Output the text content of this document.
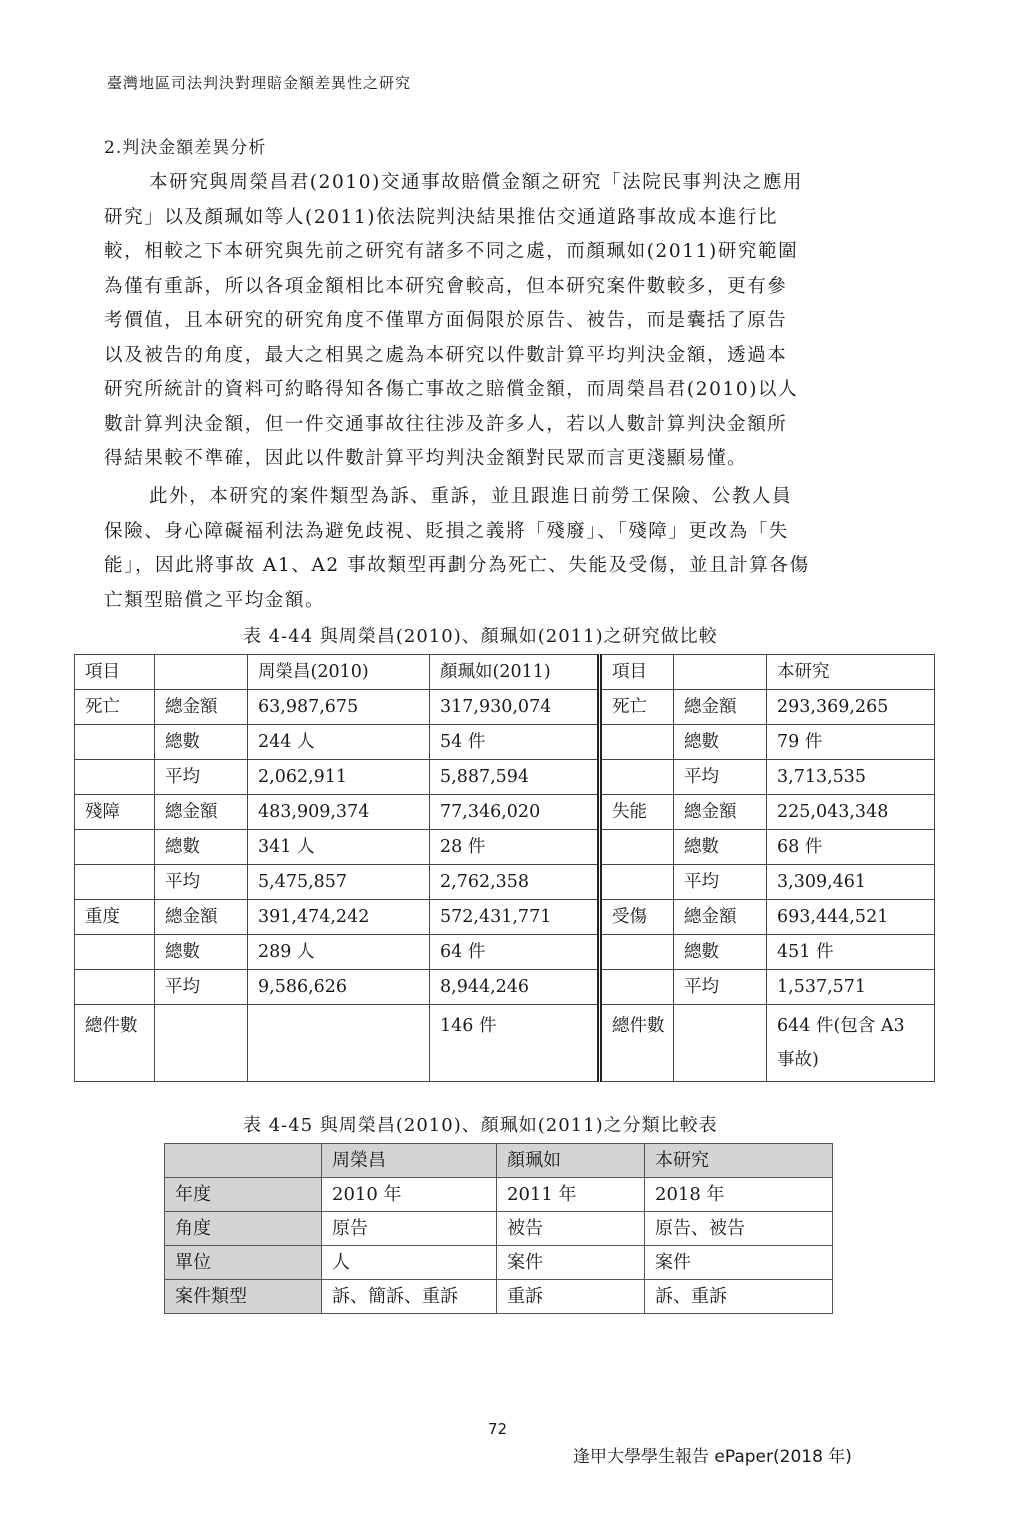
臺灣地區司法判決對理賠金額差異性之研究
2.判決金額差異分析
本研究與周榮昌君(2010)交通事故賠償金額之研究「法院民事判決之應用
研究」以及顏珮如等人(2011)依法院判決結果推估交通道路事故成本進行比
較，相較之下本研究與先前之研究有諸多不同之處，而顏珮如(2011)研究範圍
為僅有重訴，所以各項金額相比本研究會較高，但本研究案件數較多，更有參
考價值，且本研究的研究角度不僅單方面侷限於原告、被告，而是囊括了原告
以及被告的角度，最大之相異之處為本研究以件數計算平均判決金額，透過本
研究所統計的資料可約略得知各傷亡事故之賠償金額，而周榮昌君(2010)以人
數計算判決金額，但一件交通事故往往涉及許多人，若以人數計算判決金額所
得結果較不準確，因此以件數計算平均判決金額對民眾而言更淺顯易懂。
此外，本研究的案件類型為訴、重訴，並且跟進日前勞工保險、公教人員
保險、身心障礙福利法為避免歧視、貶損之義將「殘廢」、「殘障」更改為「失
能」，因此將事故 A1、A2 事故類型再劃分為死亡、失能及受傷，並且計算各傷
亡類型賠償之平均金額。
表 4-44 與周榮昌(2010)、顏珮如(2011)之研究做比較
項目		周榮昌(2010)	顏珮如(2011)	項目		本研究
死亡	總金額	63,987,675	317,930,074	死亡	總金額	293,369,265
	總數	244 人	54 件		總數	79 件
	平均	2,062,911	5,887,594		平均	3,713,535
殘障	總金額	483,909,374	77,346,020	失能	總金額	225,043,348
	總數	341 人	28 件		總數	68 件
	平均	5,475,857	2,762,358		平均	3,309,461
重度	總金額	391,474,242	572,431,771	受傷	總金額	693,444,521
	總數	289 人	64 件		總數	451 件
	平均	9,586,626	8,944,246		平均	1,537,571
總件數			146 件	總件數		644 件(包含 A3 事故)
表 4-45 與周榮昌(2010)、顏珮如(2011)之分類比較表
	周榮昌	顏珮如	本研究
年度	2010 年	2011 年	2018 年
角度	原告	被告	原告、被告
單位	人	案件	案件
案件類型	訴、簡訴、重訴	重訴	訴、重訴
72
逢甲大學學生報告 ePaper(2018 年)
